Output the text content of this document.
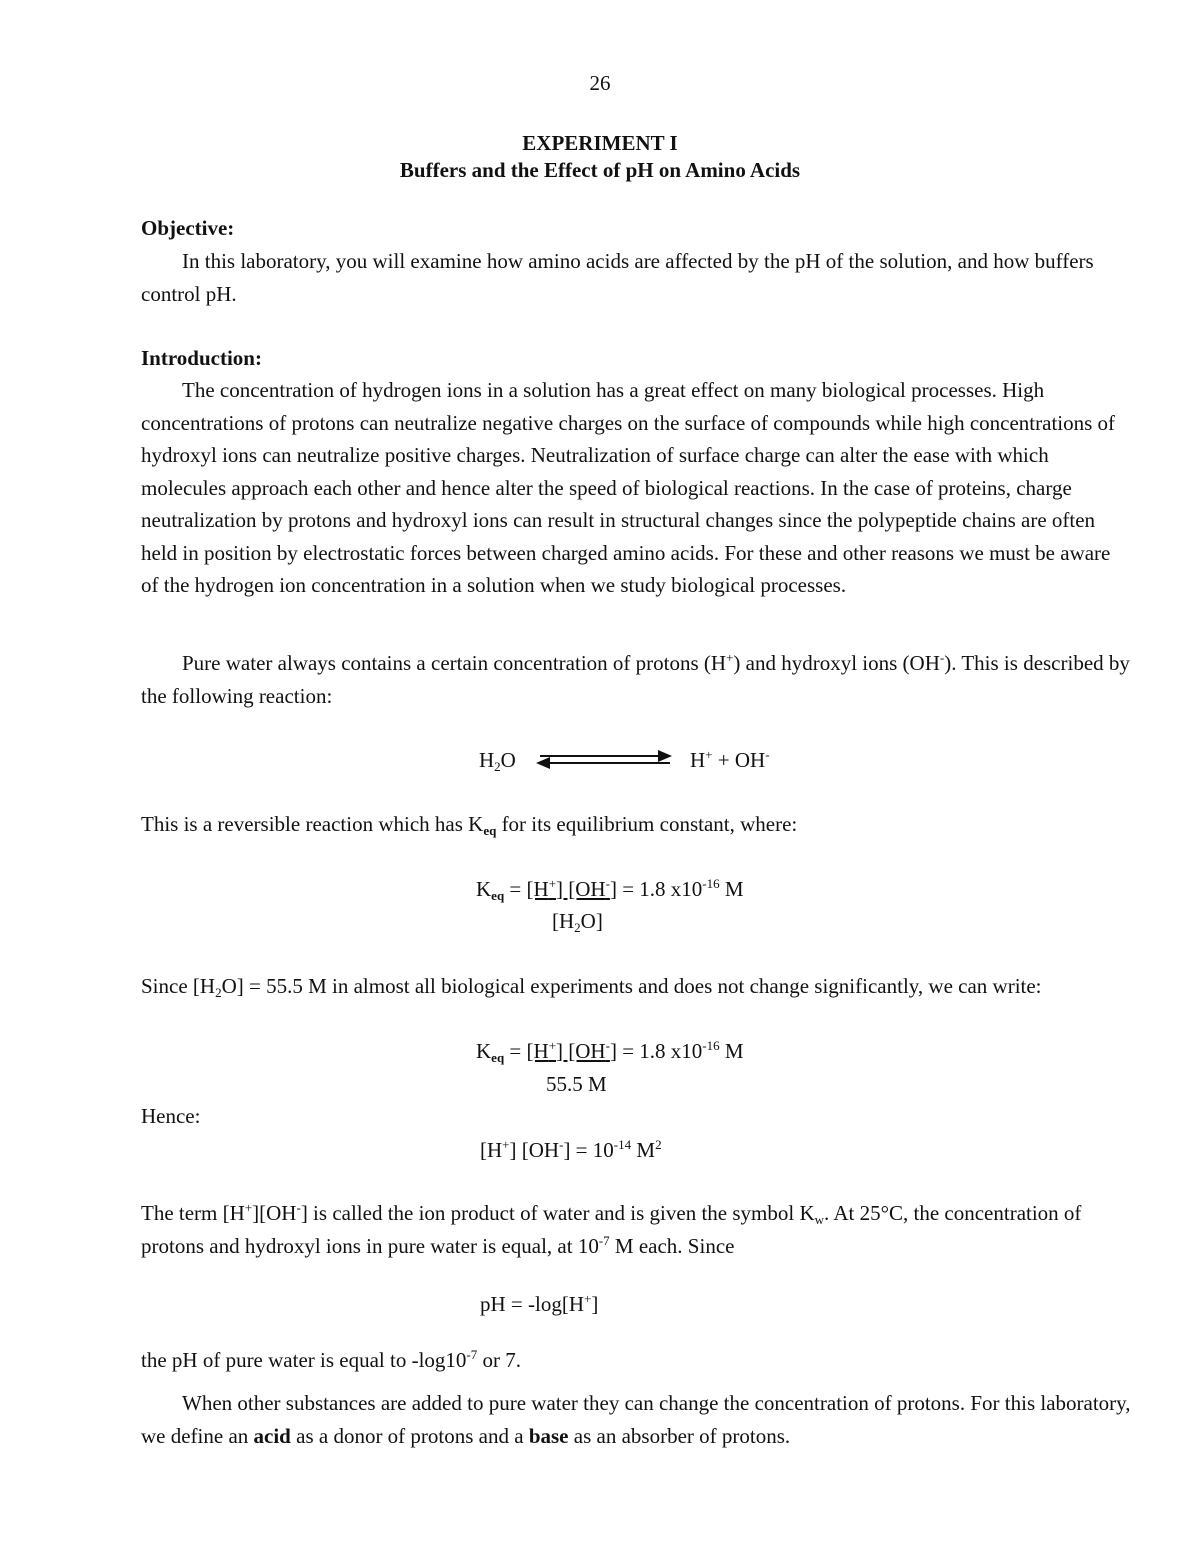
26
EXPERIMENT I
Buffers and the Effect of pH on Amino Acids
Objective:
In this laboratory, you will examine how amino acids are affected by the pH of the solution, and how buffers control pH.
Introduction:
The concentration of hydrogen ions in a solution has a great effect on many biological processes. High concentrations of protons can neutralize negative charges on the surface of compounds while high concentrations of hydroxyl ions can neutralize positive charges. Neutralization of surface charge can alter the ease with which molecules approach each other and hence alter the speed of biological reactions. In the case of proteins, charge neutralization by protons and hydroxyl ions can result in structural changes since the polypeptide chains are often held in position by electrostatic forces between charged amino acids. For these and other reasons we must be aware of the hydrogen ion concentration in a solution when we study biological processes.
Pure water always contains a certain concentration of protons (H+) and hydroxyl ions (OH-). This is described by the following reaction:
$H_2O$	H+ + OH-
This is a reversible reaction which has $K_{eq}$ for its equilibrium constant, where:
$K_{eq} = [H^+] [OH^-] = 1.8$ $x10^{-16}$ M
$[H_2O]$
Since $[H_2O] = 55.5$ M in almost all biological experiments and does not change significantly, we can write:
$K_{eq} = [H^+] [OH^-] = 1.8$ $x10^{-16}$ M
55.5 M
Hence:
[H+] $[OH^-] = 10^{-14}$ $M^2$
The term [H+][OH-] is called the ion product of water and is given the symbol $K_w$. At 25°C, the concentration of protons and hydroxyl ions in pure water is equal, at $10^{-7}$ M each. Since
pH = -log[H+]
the pH of pure water is equal to $-\log 10^{-7}$ or 7.
When other substances are added to pure water they can change the concentration of protons. For this laboratory, we define an acid as a donor of protons and a base as an absorber of protons.
